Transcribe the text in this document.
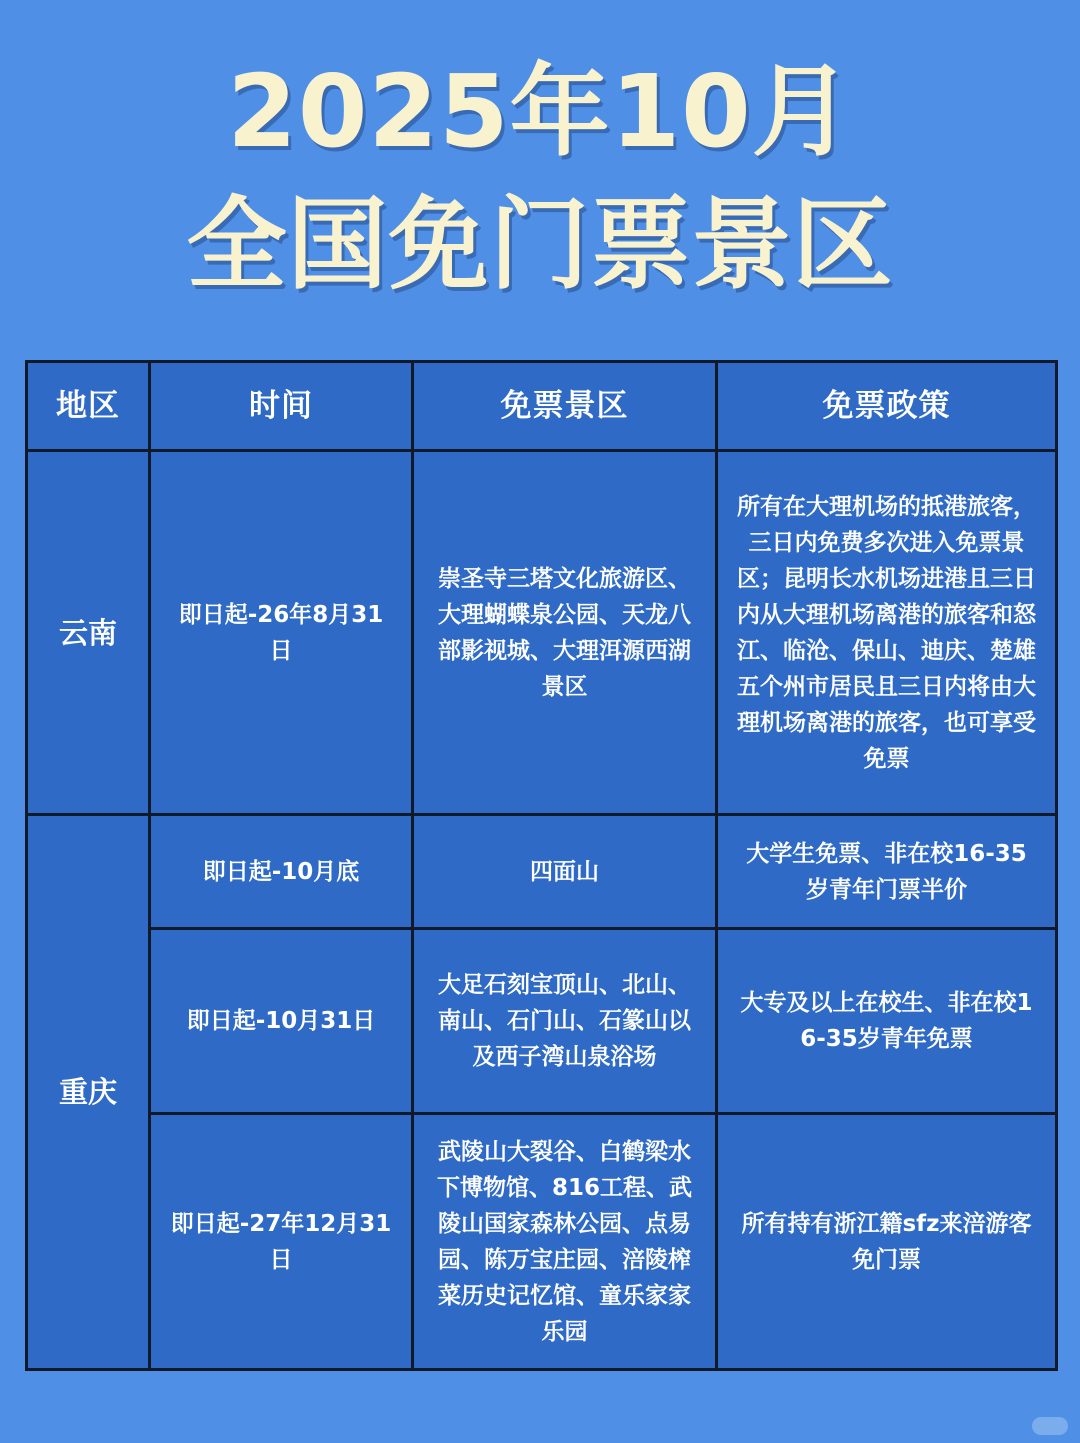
2025年10月
全国免门票景区
地区	时间	免票景区	免票政策
云南	即日起-26年8月31日	崇圣寺三塔文化旅游区、大理蝴蝶泉公园、天龙八部影视城、大理洱源西湖景区	所有在大理机场的抵港旅客，三日内免费多次进入免票景区；昆明长水机场进港且三日内从大理机场离港的旅客和怒江、临沧、保山、迪庆、楚雄五个州市居民且三日内将由大理机场离港的旅客，也可享受免票
重庆	即日起-10月底	四面山	大学生免票、非在校16-35岁青年门票半价
	即日起-10月31日	大足石刻宝顶山、北山、南山、石门山、石篆山以及西子湾山泉浴场	大专及以上在校生、非在校16-35岁青年免票
	即日起-27年12月31日	武陵山大裂谷、白鹤梁水下博物馆、816工程、武陵山国家森林公园、点易园、陈万宝庄园、涪陵榨菜历史记忆馆、童乐家家乐园	所有持有浙江籍sfz来涪游客免门票
